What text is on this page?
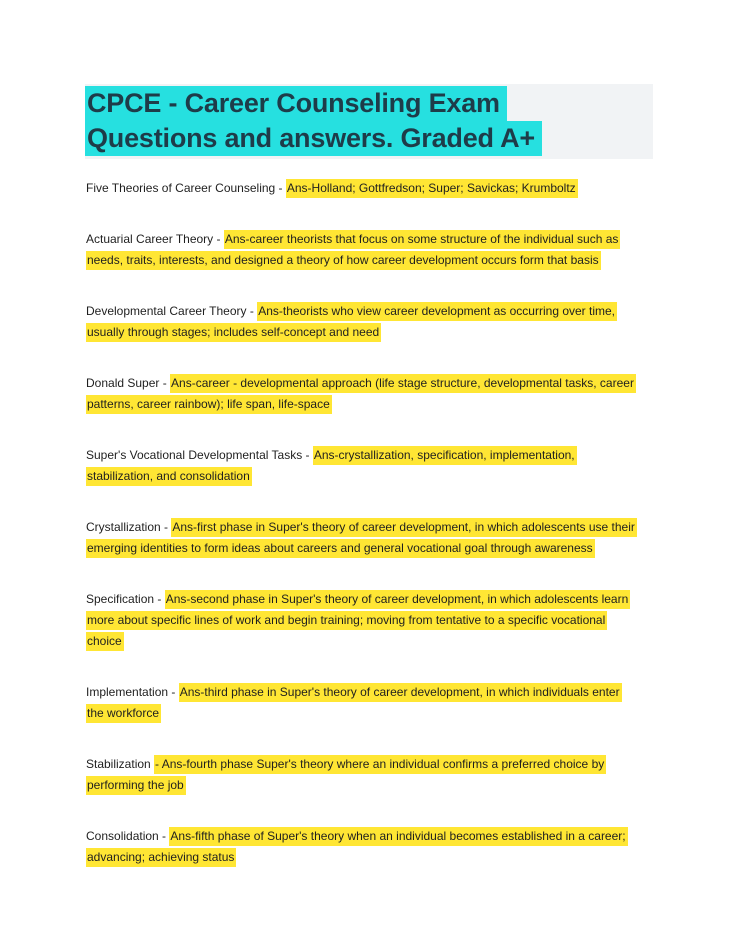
CPCE - Career Counseling Exam
Questions and answers. Graded A+

Five Theories of Career Counseling - Ans-Holland; Gottfredson; Super; Savickas; Krumboltz

Actuarial Career Theory - Ans-career theorists that focus on some structure of the individual such as
needs, traits, interests, and designed a theory of how career development occurs form that basis

Developmental Career Theory - Ans-theorists who view career development as occurring over time,
usually through stages; includes self-concept and need

Donald Super - Ans-career - developmental approach (life stage structure, developmental tasks, career
patterns, career rainbow); life span, life-space

Super's Vocational Developmental Tasks - Ans-crystallization, specification, implementation,
stabilization, and consolidation

Crystallization - Ans-first phase in Super's theory of career development, in which adolescents use their
emerging identities to form ideas about careers and general vocational goal through awareness

Specification - Ans-second phase in Super's theory of career development, in which adolescents learn
more about specific lines of work and begin training; moving from tentative to a specific vocational
choice

Implementation - Ans-third phase in Super's theory of career development, in which individuals enter
the workforce

Stabilization - Ans-fourth phase Super's theory where an individual confirms a preferred choice by
performing the job

Consolidation - Ans-fifth phase of Super's theory when an individual becomes established in a career;
advancing; achieving status
